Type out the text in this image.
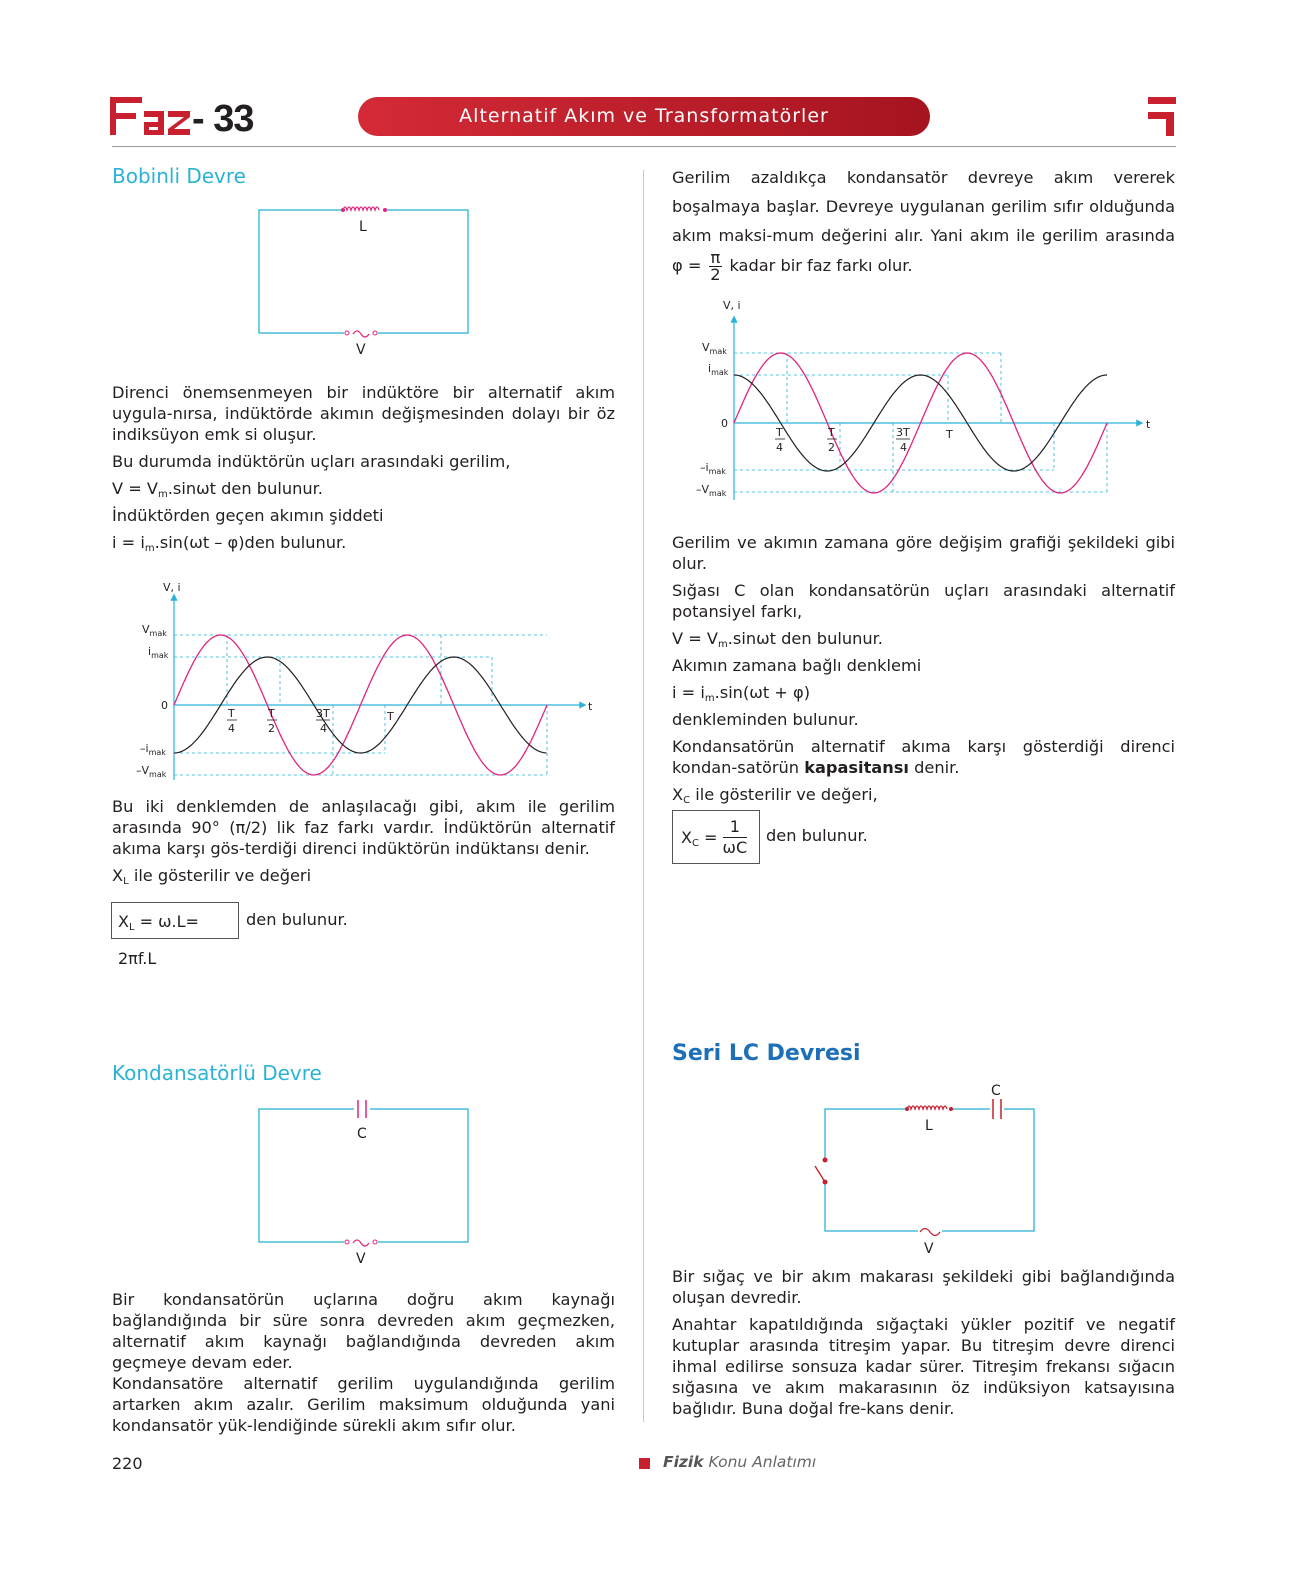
- 33	Alternatif Akım ve Transformatörler
Bobinli Devre
L
V

Direnci önemsenmeyen bir indüktöre bir alternatif akım uygula-nırsa, indüktörde akımın değişmesinden dolayı bir öz indiksüyon emk si oluşur.

Bu durumda indüktörün uçları arasındaki gerilim,

$V = V_m.\sin\omega t$ den bulunur.

İndüktörden geçen akımın şiddeti

$i = i_m.\sin(\omega t - \varphi)den$ bulunur.

V, i
t
$V_{mak}$
$i_{mak}$
0
$-i_{mak}$
$-V_{mak}$
T
4
T
2
3T
4
T

Bu iki denklemden de anlaşılacağı gibi, akım ile gerilim arasında 90° (π/2) lik faz farkı vardır. İndüktörün alternatif akıma karşı gös-terdiği direnci indüktörün indüktansı denir.

$X_L$ ile gösterilir ve değeri

$X_L = \omega.L= 2\pi f.L$
den bulunur.
Kondansatörlü Devre
C
V

Bir kondansatörün uçlarına doğru akım kaynağı bağlandığında bir süre sonra devreden akım geçmezken, alternatif akım kaynağı bağlandığında devreden akım geçmeye devam eder.

Kondansatöre alternatif gerilim uygulandığında gerilim artarken akım azalır. Gerilim maksimum olduğunda yani kondansatör yük-lendiğinde sürekli akım sıfır olur.

Gerilim azaldıkça kondansatör devreye akım vererek boşalmaya başlar. Devreye uygulanan gerilim sıfır olduğunda akım maksi-mum değerini alır. Yani akım ile gerilim arasında $\varphi = \frac{\pi}{2}$ kadar bir faz farkı olur.
V, i
t
$V_{mak}$
$i_{mak}$
0
$-i_{mak}$
$-V_{mak}$
T
4
T
2
3T
4
T

Gerilim ve akımın zamana göre değişim grafiği şekildeki gibi olur.

Sığası C olan kondansatörün uçları arasındaki alternatif potansiyel farkı,

$V = V_m.\sin\omega t$ den bulunur.

Akımın zamana bağlı denklemi

$i = i_m.\sin(\omega t + \varphi)$

denkleminden bulunur.

Kondansatörün alternatif akıma karşı gösterdiği direnci kondan-satörün kapasitansı denir.

$X_C$ ile gösterilir ve değeri,

$X_C = \frac{1}{\omega C}$ den bulunur.
Seri LC Devresi
L
C
V

Bir sığaç ve bir akım makarası şekildeki gibi bağlandığında oluşan devredir.

Anahtar kapatıldığında sığaçtaki yükler pozitif ve negatif kutuplar arasında titreşim yapar. Bu titreşim devre direnci ihmal edilirse sonsuza kadar sürer. Titreşim frekansı sığacın sığasına ve akım makarasının öz indüksiyon katsayısına bağlıdır. Buna doğal fre-kans denir.

220	Fizik Konu Anlatımı
